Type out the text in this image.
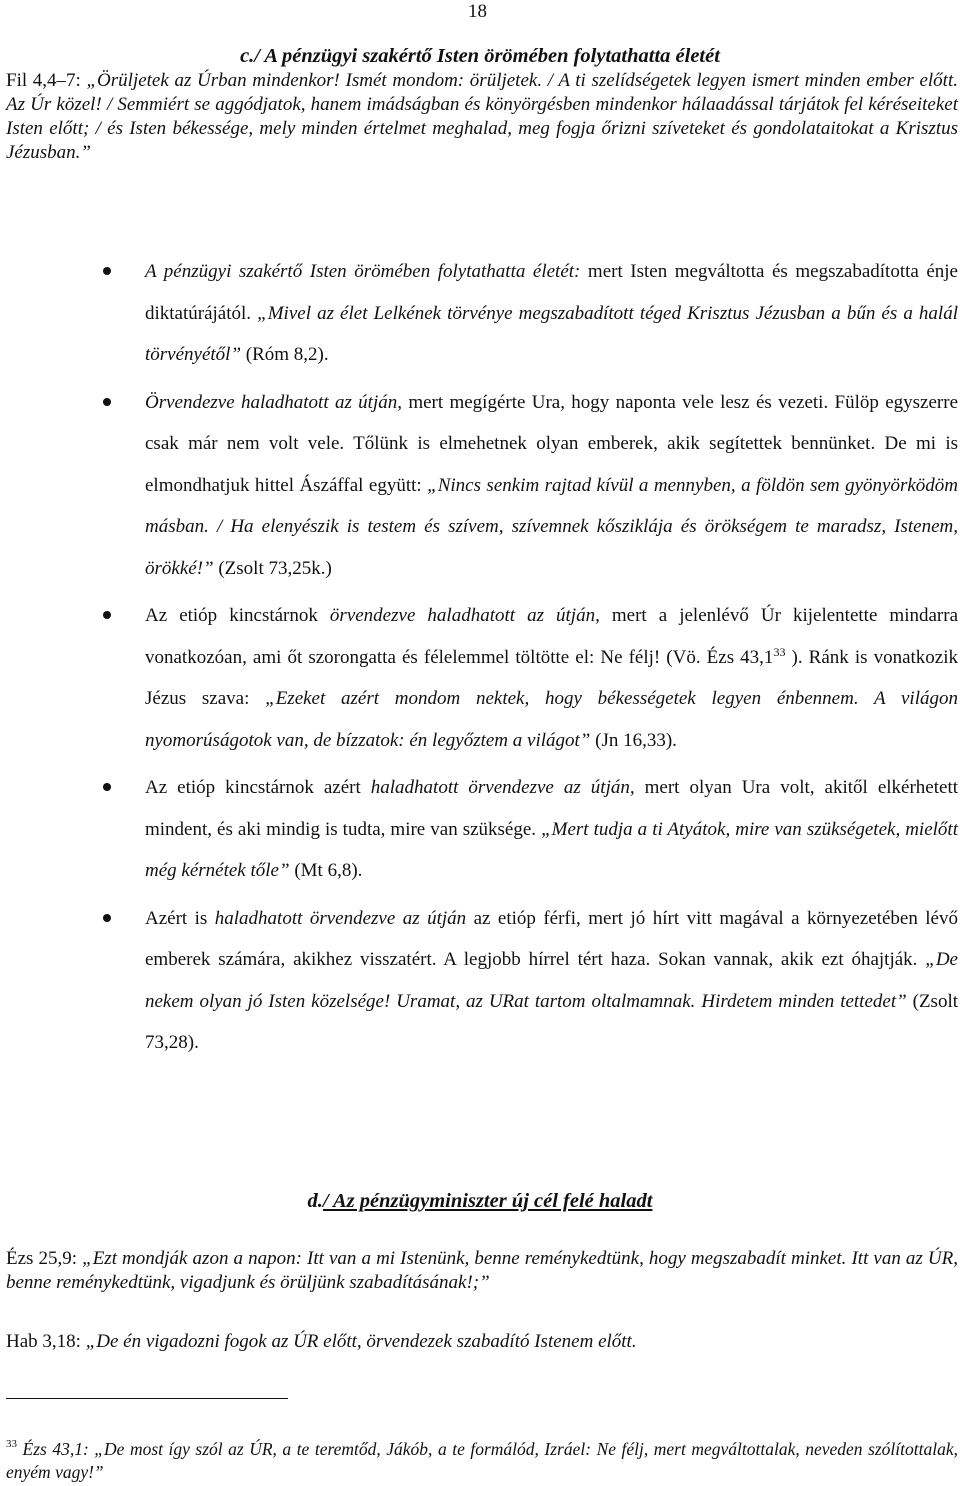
18
c./ A pénzügyi szakértő Isten örömében folytathatta életét
Fil 4,4–7: „Örüljetek az Úrban mindenkor! Ismét mondom: örüljetek. / A ti szelídségetek legyen ismert minden ember előtt. Az Úr közel! / Semmiért se aggódjatok, hanem imádságban és könyörgésben mindenkor hálaadással tárjátok fel kéréseiteket Isten előtt; / és Isten békessége, mely minden értelmet meghalad, meg fogja őrizni szíveteket és gondolataitokat a Krisztus Jézusban.”
A pénzügyi szakértő Isten örömében folytathatta életét: mert Isten megváltotta és megszabadította énje diktatúrájától. „Mivel az élet Lelkének törvénye megszabadított téged Krisztus Jézusban a bűn és a halál törvényétől” (Róm 8,2).
Örvendezve haladhatott az útján, mert megígérte Ura, hogy naponta vele lesz és vezeti. Fülöp egyszerre csak már nem volt vele. Tőlünk is elmehetnek olyan emberek, akik segítettek bennünket. De mi is elmondhatjuk hittel Ászáffal együtt: „Nincs senkim rajtad kívül a mennyben, a földön sem gyönyörködöm másban. / Ha elenyészik is testem és szívem, szívemnek kősziklája és örökségem te maradsz, Istenem, örökké!” (Zsolt 73,25k.)
Az etióp kincstárnok örvendezve haladhatott az útján, mert a jelenlévő Úr kijelentette mindarra vonatkozóan, ami őt szorongatta és félelemmel töltötte el: Ne félj! (Vö. Ézs 43,1$^{33}$ ). Ránk is vonatkozik Jézus szava: „Ezeket azért mondom nektek, hogy békességetek legyen énbennem. A világon nyomorúságotok van, de bízzatok: én legyőztem a világot” (Jn 16,33).
Az etióp kincstárnok azért haladhatott örvendezve az útján, mert olyan Ura volt, akitől elkérhetett mindent, és aki mindig is tudta, mire van szüksége. „Mert tudja a ti Atyátok, mire van szükségetek, mielőtt még kérnétek tőle” (Mt 6,8).
Azért is haladhatott örvendezve az útján az etióp férfi, mert jó hírt vitt magával a környezetében lévő emberek számára, akikhez visszatért. A legjobb hírrel tért haza. Sokan vannak, akik ezt óhajtják. „De nekem olyan jó Isten közelsége! Uramat, az URat tartom oltalmamnak. Hirdetem minden tettedet” (Zsolt 73,28).
d./ Az pénzügyminiszter új cél felé haladt
Ézs 25,9: „Ezt mondják azon a napon: Itt van a mi Istenünk, benne reménykedtünk, hogy megszabadít minket. Itt van az ÚR, benne reménykedtünk, vigadjunk és örüljünk szabadításának!;”
Hab 3,18: „De én vigadozni fogok az ÚR előtt, örvendezek szabadító Istenem előtt.
$^{33}$ Ézs 43,1: „De most így szól az ÚR, a te teremtőd, Jákób, a te formálód, Izráel: Ne félj, mert megváltottalak, neveden szólítottalak, enyém vagy!”
